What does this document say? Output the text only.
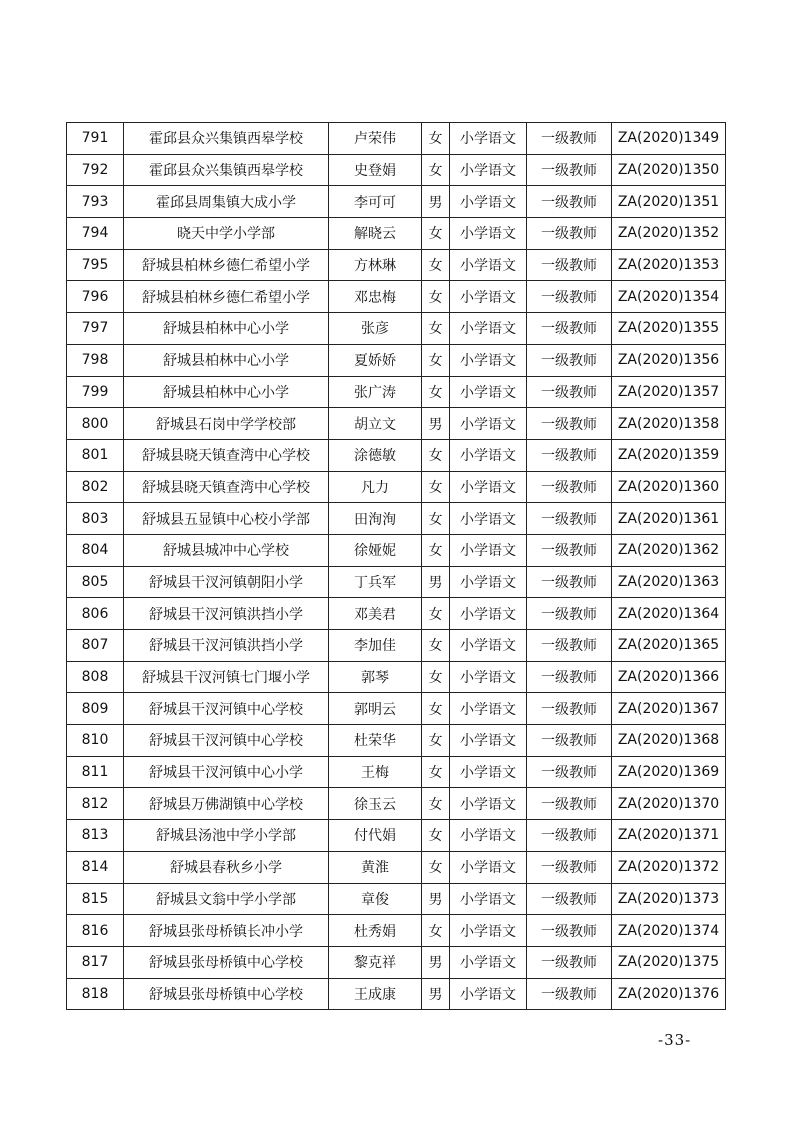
791	霍邱县众兴集镇西皋学校	卢荣伟	女	小学语文	一级教师	ZA(2020)1349
792	霍邱县众兴集镇西皋学校	史登娟	女	小学语文	一级教师	ZA(2020)1350
793	霍邱县周集镇大成小学	李可可	男	小学语文	一级教师	ZA(2020)1351
794	晓天中学小学部	解晓云	女	小学语文	一级教师	ZA(2020)1352
795	舒城县柏林乡德仁希望小学	方林琳	女	小学语文	一级教师	ZA(2020)1353
796	舒城县柏林乡德仁希望小学	邓忠梅	女	小学语文	一级教师	ZA(2020)1354
797	舒城县柏林中心小学	张彦	女	小学语文	一级教师	ZA(2020)1355
798	舒城县柏林中心小学	夏娇娇	女	小学语文	一级教师	ZA(2020)1356
799	舒城县柏林中心小学	张广涛	女	小学语文	一级教师	ZA(2020)1357
800	舒城县石岗中学学校部	胡立文	男	小学语文	一级教师	ZA(2020)1358
801	舒城县晓天镇查湾中心学校	涂德敏	女	小学语文	一级教师	ZA(2020)1359
802	舒城县晓天镇查湾中心学校	凡力	女	小学语文	一级教师	ZA(2020)1360
803	舒城县五显镇中心校小学部	田洵洵	女	小学语文	一级教师	ZA(2020)1361
804	舒城县城冲中心学校	徐娅妮	女	小学语文	一级教师	ZA(2020)1362
805	舒城县干汊河镇朝阳小学	丁兵军	男	小学语文	一级教师	ZA(2020)1363
806	舒城县干汊河镇洪挡小学	邓美君	女	小学语文	一级教师	ZA(2020)1364
807	舒城县干汊河镇洪挡小学	李加佳	女	小学语文	一级教师	ZA(2020)1365
808	舒城县干汊河镇七门堰小学	郭琴	女	小学语文	一级教师	ZA(2020)1366
809	舒城县干汊河镇中心学校	郭明云	女	小学语文	一级教师	ZA(2020)1367
810	舒城县干汊河镇中心学校	杜荣华	女	小学语文	一级教师	ZA(2020)1368
811	舒城县干汊河镇中心小学	王梅	女	小学语文	一级教师	ZA(2020)1369
812	舒城县万佛湖镇中心学校	徐玉云	女	小学语文	一级教师	ZA(2020)1370
813	舒城县汤池中学小学部	付代娟	女	小学语文	一级教师	ZA(2020)1371
814	舒城县春秋乡小学	黄淮	女	小学语文	一级教师	ZA(2020)1372
815	舒城县文翁中学小学部	章俊	男	小学语文	一级教师	ZA(2020)1373
816	舒城县张母桥镇长冲小学	杜秀娟	女	小学语文	一级教师	ZA(2020)1374
817	舒城县张母桥镇中心学校	黎克祥	男	小学语文	一级教师	ZA(2020)1375
818	舒城县张母桥镇中心学校	王成康	男	小学语文	一级教师	ZA(2020)1376
-33-
